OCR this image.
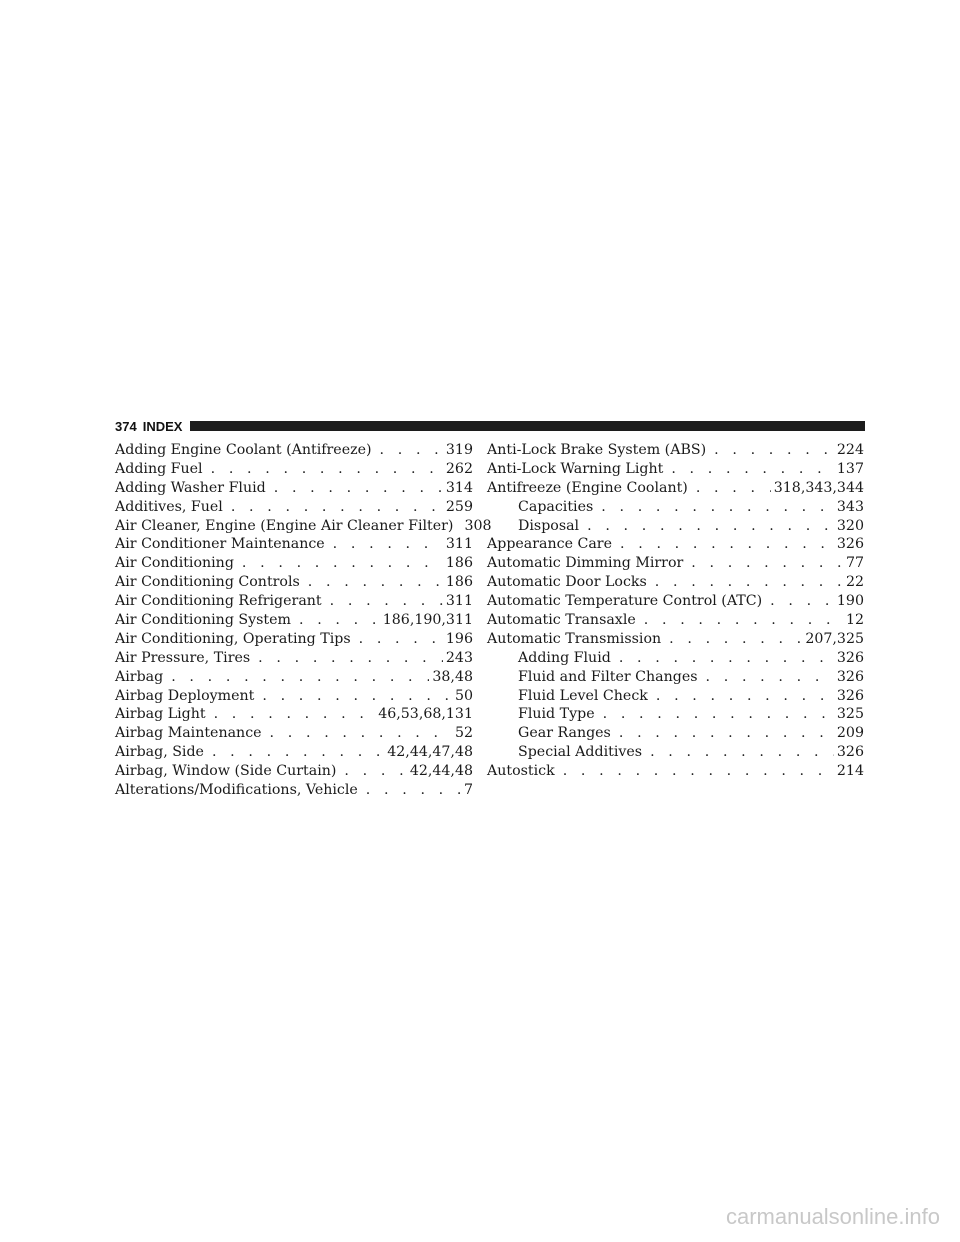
374 INDEX
Adding Engine Coolant (Antifreeze) . . .	319
Adding Fuel . . .	262
Adding Washer Fluid . . .	314
Additives, Fuel . . .	259
Air Cleaner, Engine (Engine Air Cleaner Filter) 308
Air Conditioner Maintenance . . .	311
Air Conditioning . . .	186
Air Conditioning Controls . . .	186
Air Conditioning Refrigerant . . .	311
Air Conditioning System . . .	186,190,311
Air Conditioning, Operating Tips . . .	196
Air Pressure, Tires . . .	243
Airbag . . .	38,48
Airbag Deployment . . .	50
Airbag Light . . .	46,53,68,131
Airbag Maintenance . . .	52
Airbag, Side . . .	42,44,47,48
Airbag, Window (Side Curtain) . . .	42,44,48
Alterations/Modifications, Vehicle . . .	7
Anti-Lock Brake System (ABS) . . .	224
Anti-Lock Warning Light . . .	137
Antifreeze (Engine Coolant) . . .	318,343,344
Capacities . . .	343
Disposal . . .	320
Appearance Care . . .	326
Automatic Dimming Mirror . . .	77
Automatic Door Locks . . .	22
Automatic Temperature Control (ATC) . . .	190
Automatic Transaxle . . .	12
Automatic Transmission . . .	207,325
Adding Fluid . . .	326
Fluid and Filter Changes . . .	326
Fluid Level Check . . .	326
Fluid Type . . .	325
Gear Ranges . . .	209
Special Additives . . .	326
Autostick . . .	214
carmanualsonline.info
